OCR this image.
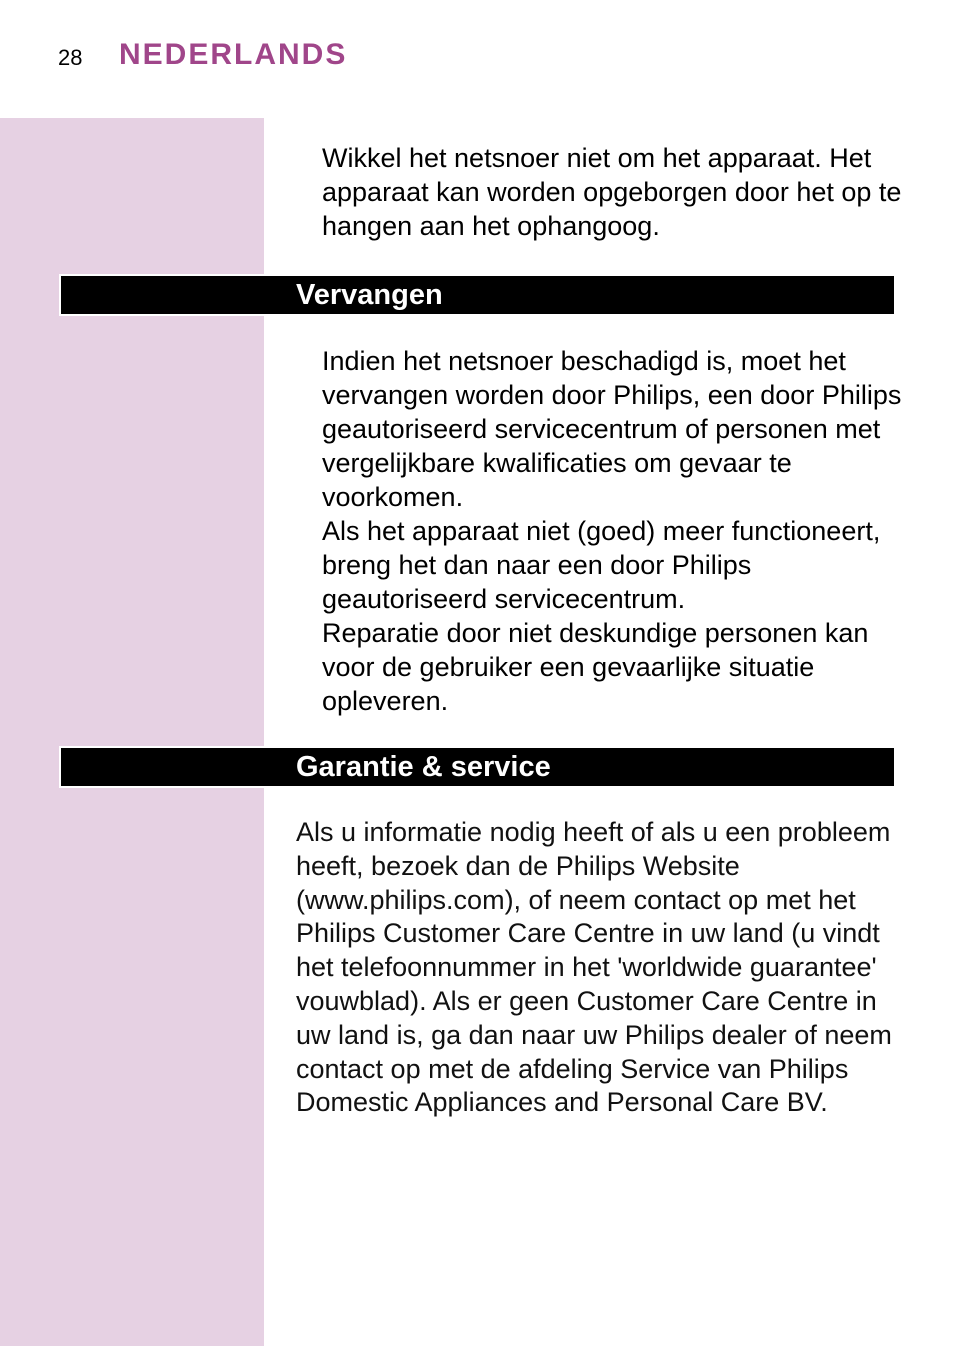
28 NEDERLANDS

Wikkel het netsnoer niet om het apparaat. Het apparaat kan worden opgeborgen door het op te hangen aan het ophangoog.

Vervangen

Indien het netsnoer beschadigd is, moet het vervangen worden door Philips, een door Philips geautoriseerd servicecentrum of personen met vergelijkbare kwalificaties om gevaar te voorkomen.

Als het apparaat niet (goed) meer functioneert, breng het dan naar een door Philips geautoriseerd servicecentrum.

Reparatie door niet deskundige personen kan voor de gebruiker een gevaarlijke situatie opleveren.

Garantie & service

Als u informatie nodig heeft of als u een probleem heeft, bezoek dan de Philips Website (www.philips.com), of neem contact op met het Philips Customer Care Centre in uw land (u vindt het telefoonnummer in het 'worldwide guarantee' vouwblad). Als er geen Customer Care Centre in uw land is, ga dan naar uw Philips dealer of neem contact op met de afdeling Service van Philips Domestic Appliances and Personal Care BV.
